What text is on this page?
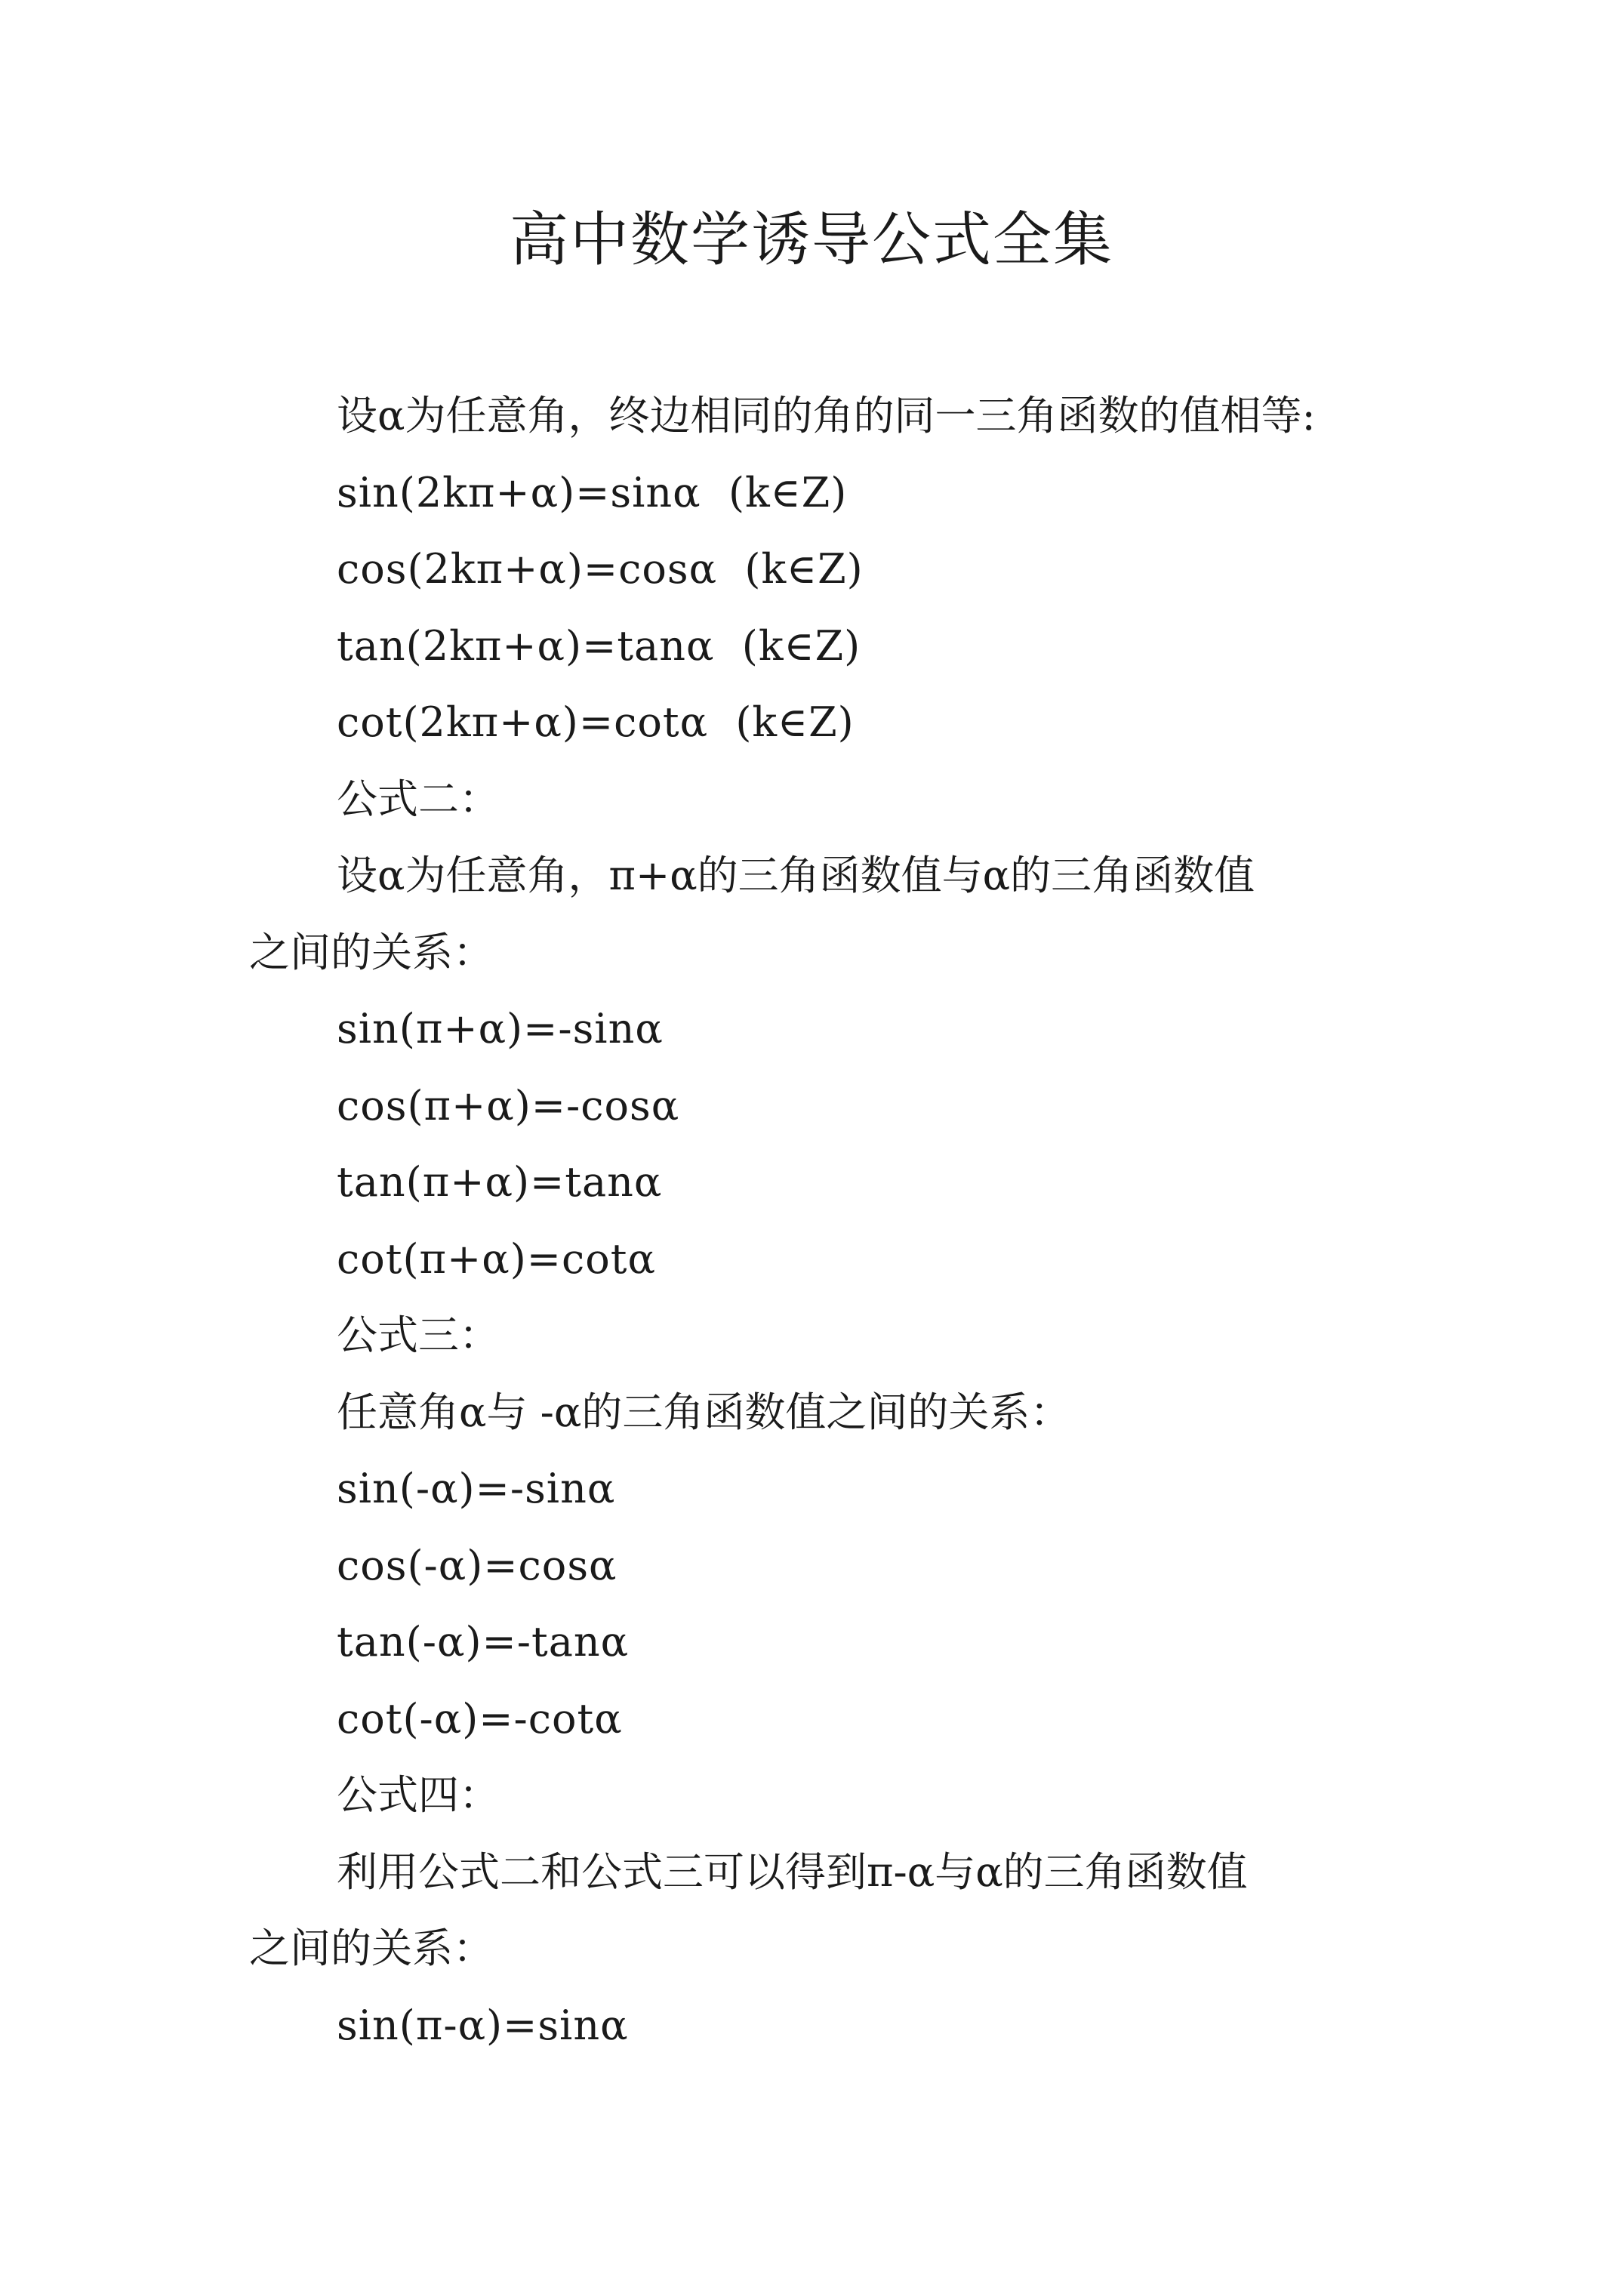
高中数学诱导公式全集

设α为任意角，终边相同的角的同一三角函数的值相等:

sin(2kπ+α)=sinα  (k∈Z)

cos(2kπ+α)=cosα  (k∈Z)

tan(2kπ+α)=tanα  (k∈Z)

cot(2kπ+α)=cotα  (k∈Z)

公式二：

设α为任意角，π+α的三角函数值与α的三角函数值

之间的关系：

sin(π+α)=-sinα

cos(π+α)=-cosα

tan(π+α)=tanα

cot(π+α)=cotα

公式三：

任意角α与 -α的三角函数值之间的关系：

sin(-α)=-sinα

cos(-α)=cosα

tan(-α)=-tanα

cot(-α)=-cotα

公式四：

利用公式二和公式三可以得到π-α与α的三角函数值

之间的关系：

sin(π-α)=sinα
